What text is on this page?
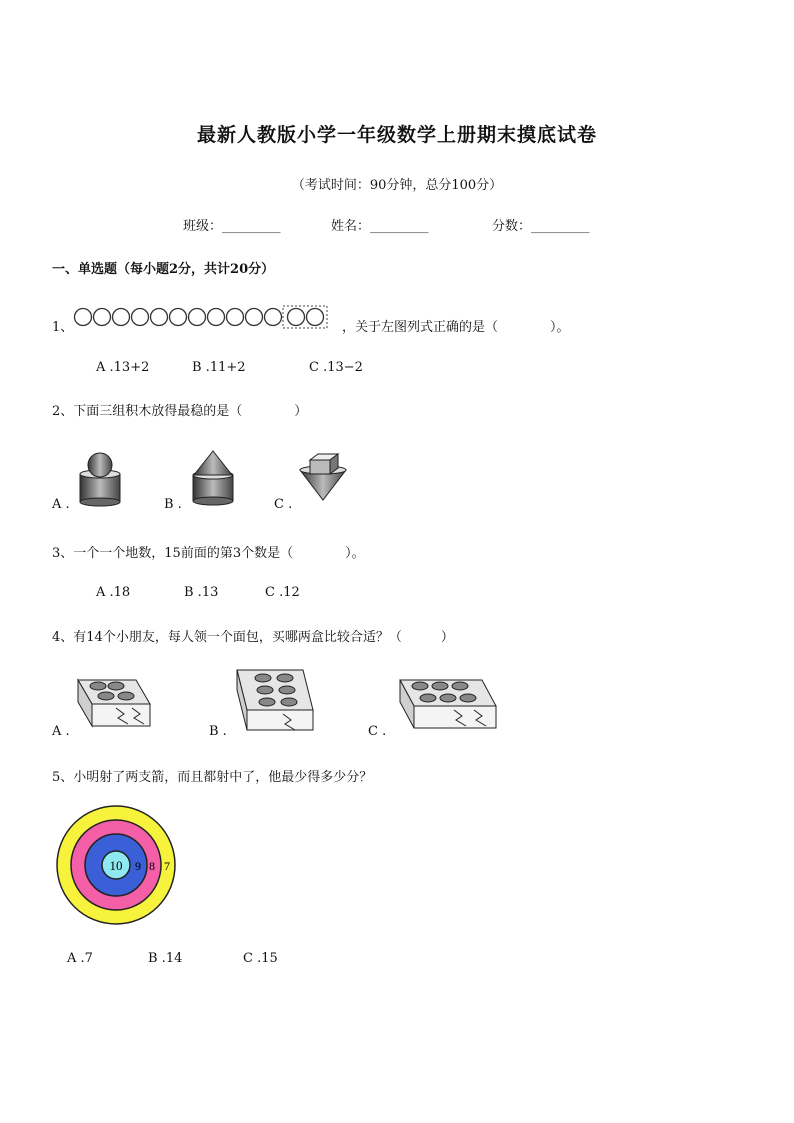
最新人教版小学一年级数学上册期末摸底试卷
（考试时间：90分钟，总分100分）
班级：_________	姓名：_________	分数：_________
一、单选题（每小题2分，共计20分）
1、	，关于左图列式正确的是（　　　　）。
A .13+2	B .11+2	C .13−2
2、下面三组积木放得最稳的是（　　　　）
A .	B .	C .
3、一个一个地数，15前面的第3个数是（　　　　）。
A .18	B .13	C .12
4、有14个小朋友，每人领一个面包，买哪两盒比较合适？（　　　）
A .	B .	C .
5、小明射了两支箭，而且都射中了，他最少得多少分？
10 9 8 7
A .7	B .14	C .15
